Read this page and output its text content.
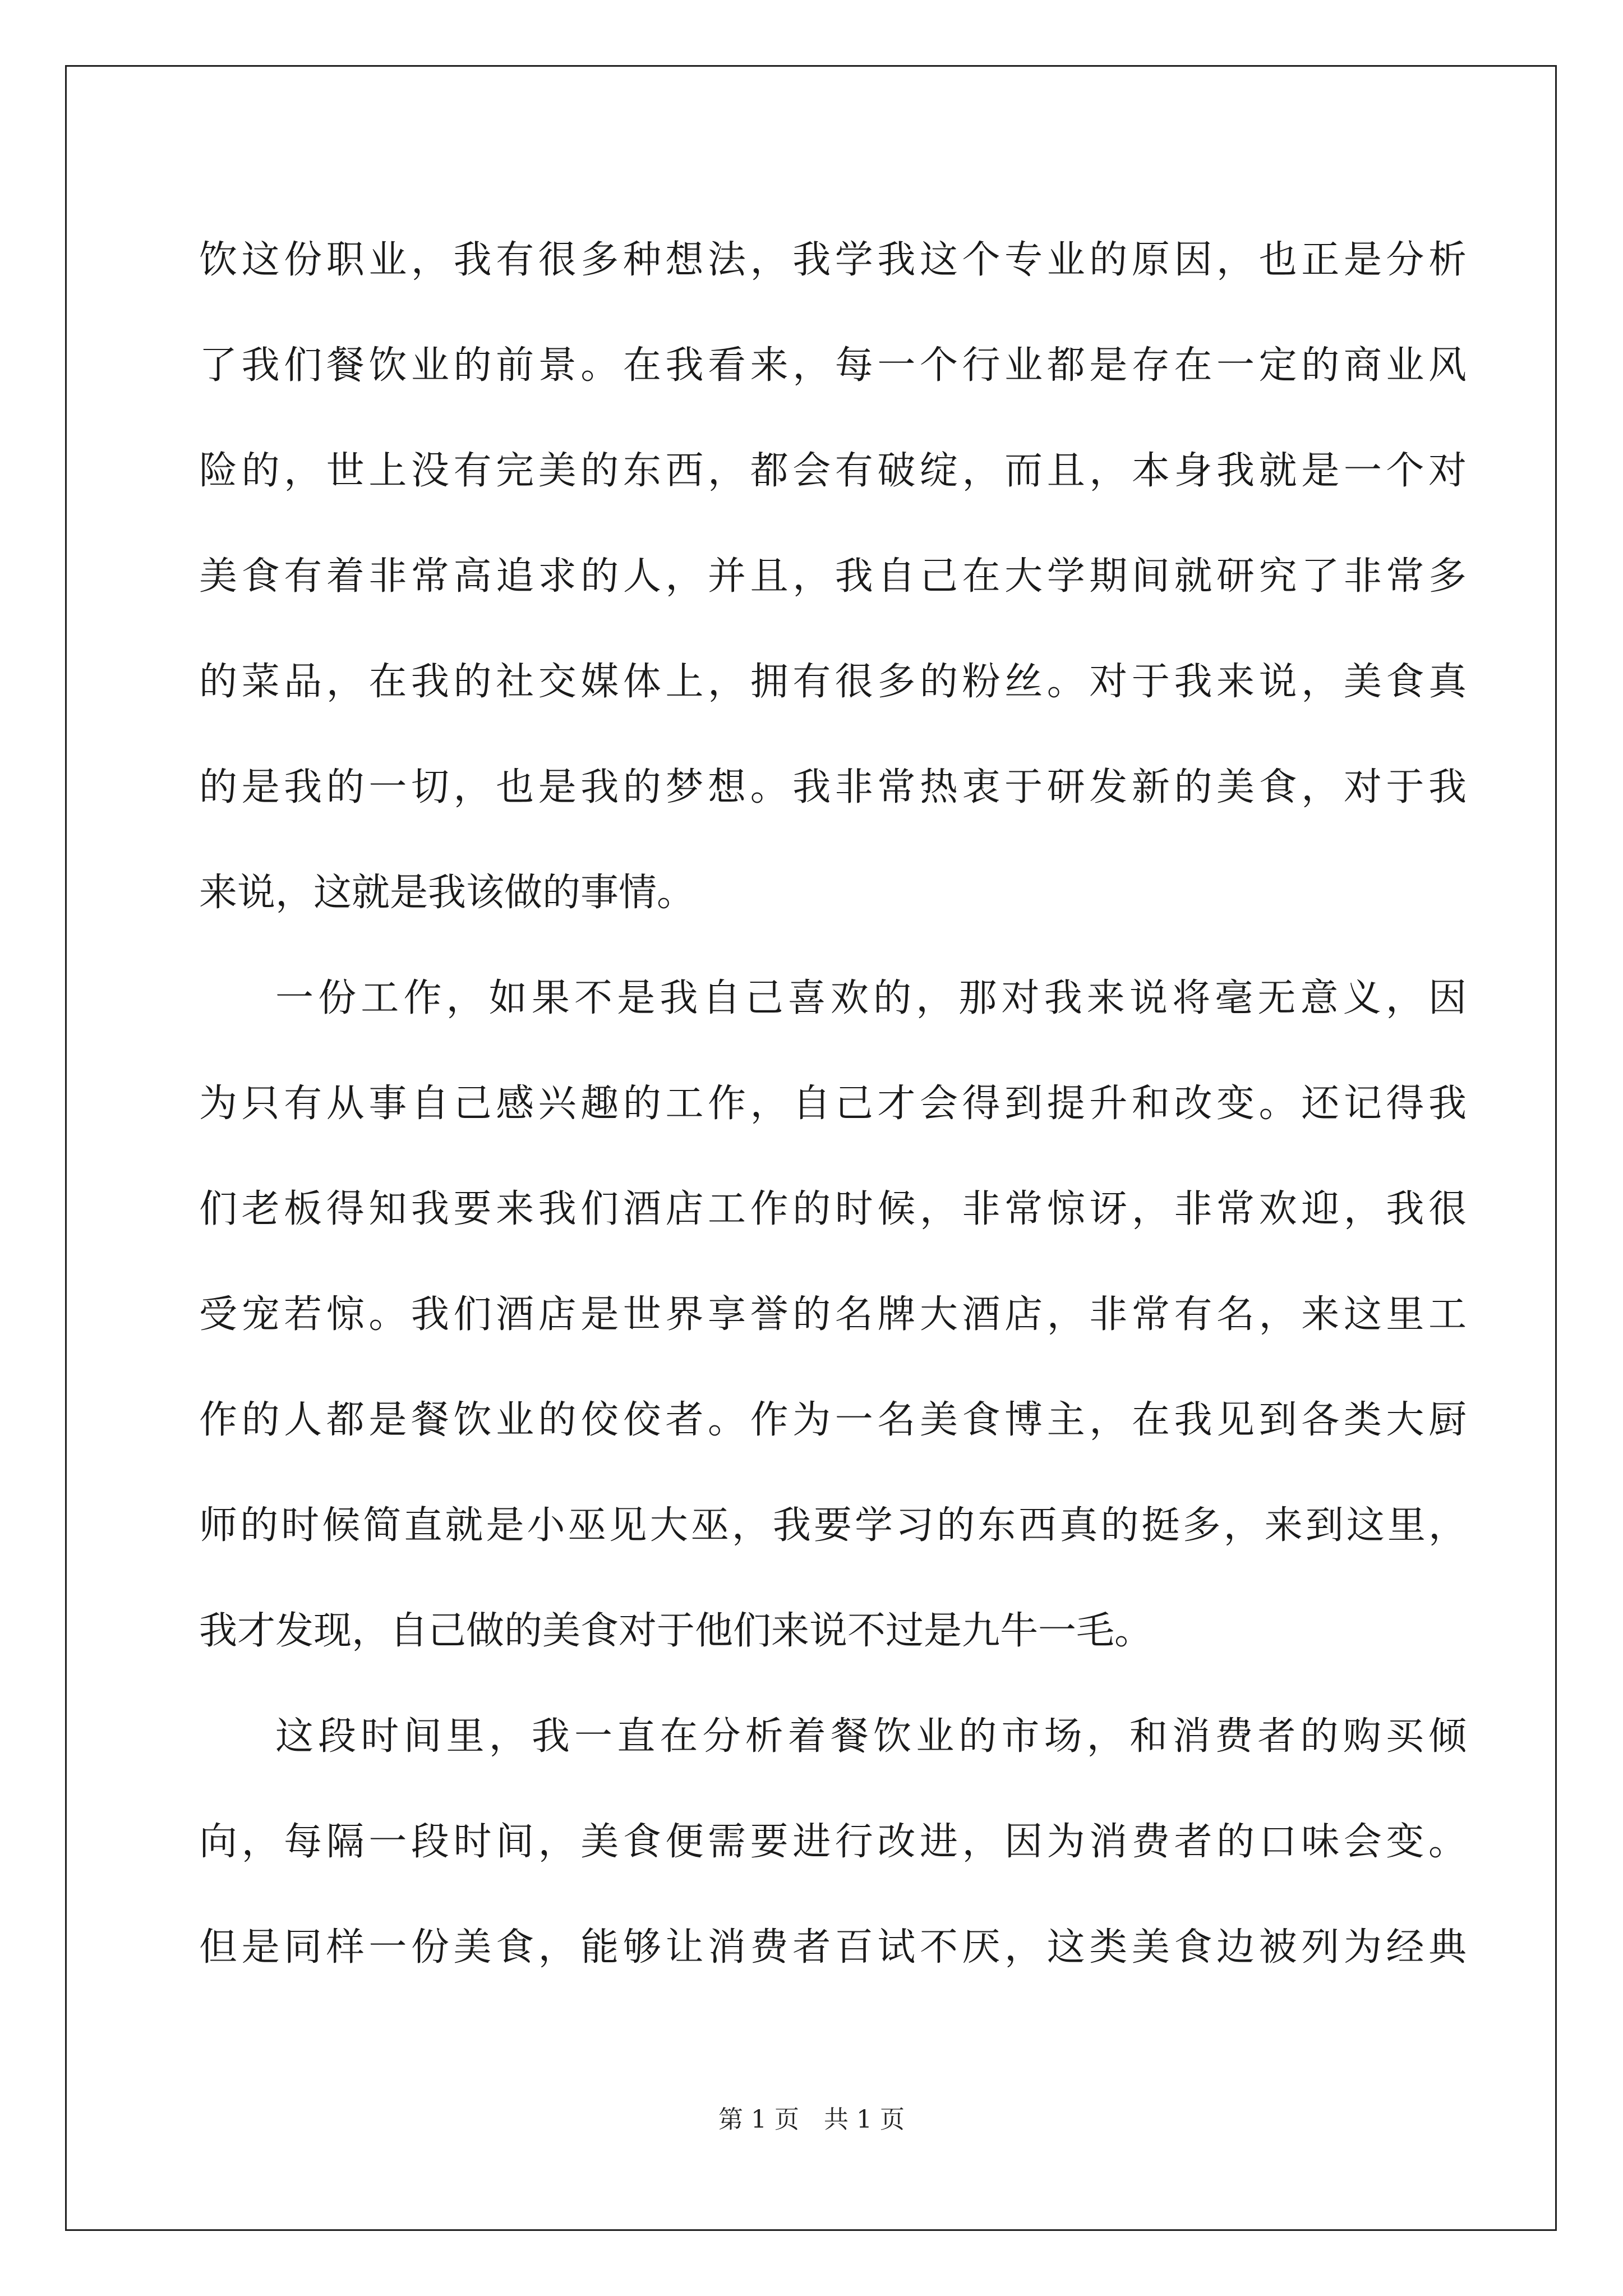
饮这份职业，我有很多种想法，我学我这个专业的原因，也正是分析
了我们餐饮业的前景。在我看来，每一个行业都是存在一定的商业风
险的，世上没有完美的东西，都会有破绽，而且，本身我就是一个对
美食有着非常高追求的人，并且，我自己在大学期间就研究了非常多
的菜品，在我的社交媒体上，拥有很多的粉丝。对于我来说，美食真
的是我的一切，也是我的梦想。我非常热衷于研发新的美食，对于我
来说，这就是我该做的事情。
一份工作，如果不是我自己喜欢的，那对我来说将毫无意义，因
为只有从事自己感兴趣的工作，自己才会得到提升和改变。还记得我
们老板得知我要来我们酒店工作的时候，非常惊讶，非常欢迎，我很
受宠若惊。我们酒店是世界享誉的名牌大酒店，非常有名，来这里工
作的人都是餐饮业的佼佼者。作为一名美食博主，在我见到各类大厨
师的时候简直就是小巫见大巫，我要学习的东西真的挺多，来到这里，
我才发现，自己做的美食对于他们来说不过是九牛一毛。
这段时间里，我一直在分析着餐饮业的市场，和消费者的购买倾
向，每隔一段时间，美食便需要进行改进，因为消费者的口味会变。
但是同样一份美食，能够让消费者百试不厌，这类美食边被列为经典
第 1 页　共 1 页
